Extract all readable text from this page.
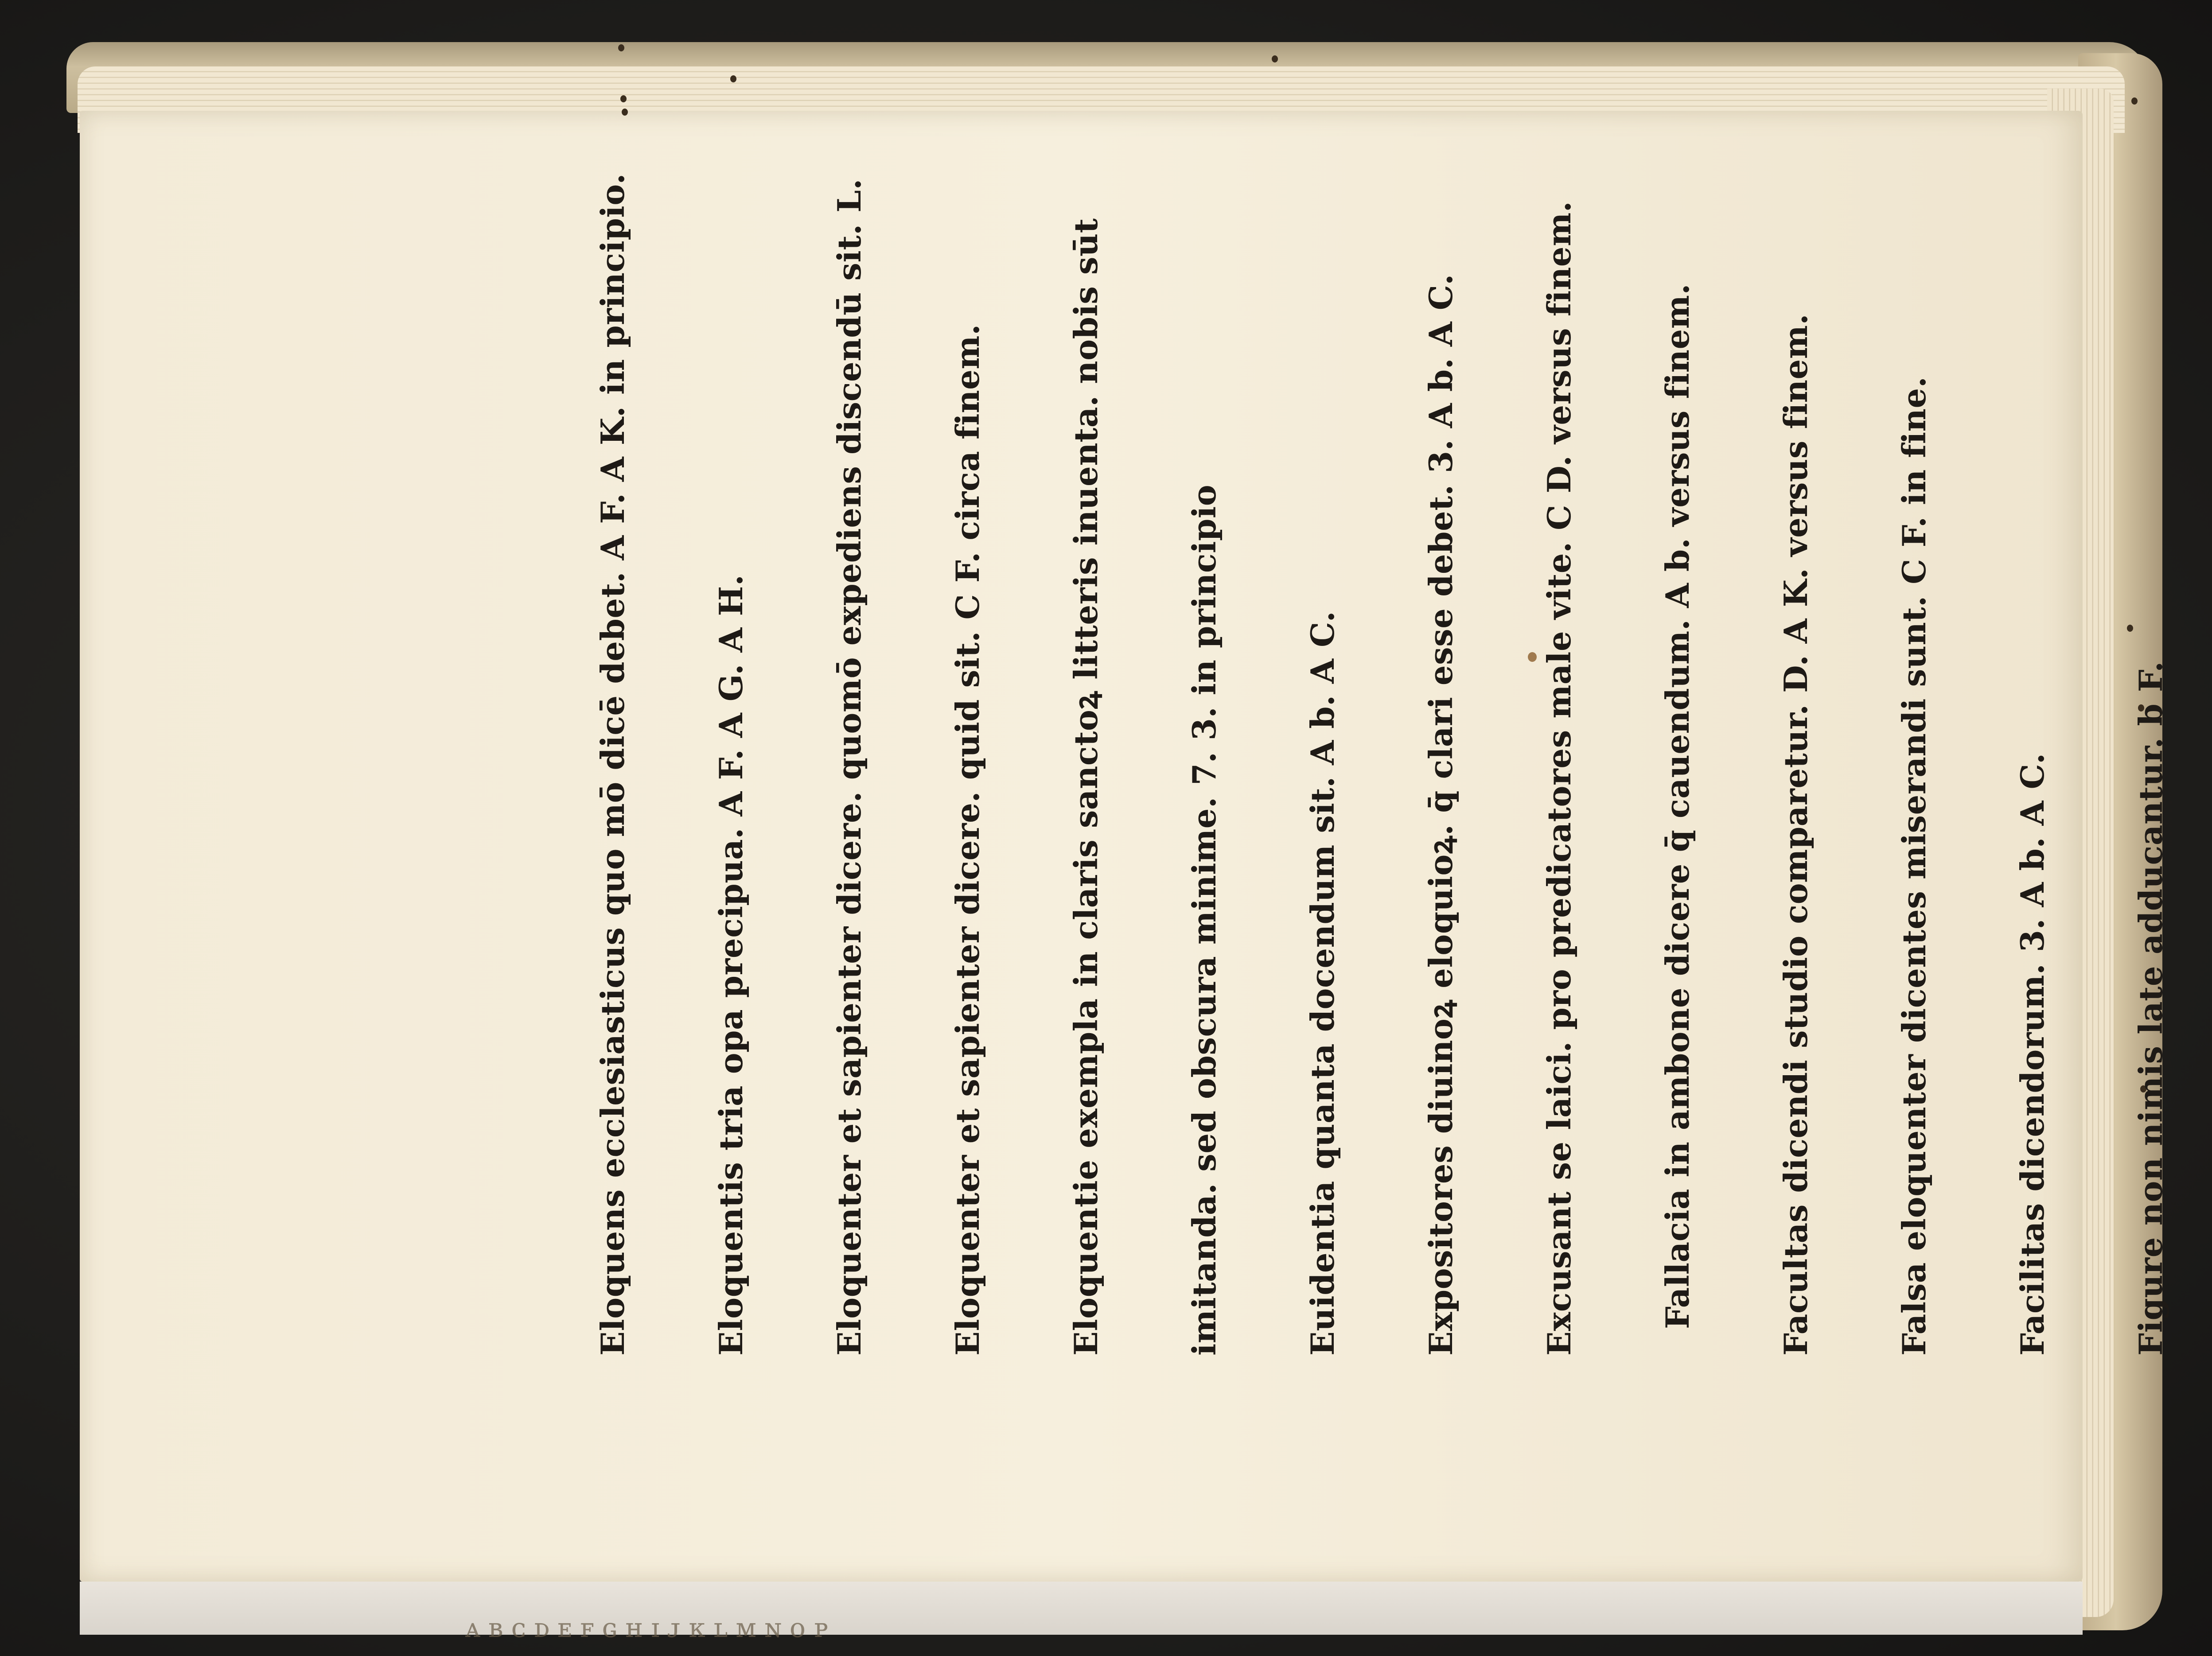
ᴀʙᴄᴅᴇꜰɢʜɪᴊᴋʟᴍɴᴏᴘ

Eloquens ecclesiasticus quo mō dicē debet. A F. A K. in principio.

	Eloquentis tria opa precipua. A F. A G. A H.

	Eloquenter et sapienter dicere. quomō expediens discendū sit. L.

	Eloquenter et sapienter dicere. quid sit. C F. circa finem.

	Eloquentie exempla in claris sanctoꝝ litteris inuenta. nobis sūt

	imitanda. sed obscura minime. 7. 3. in principio

	Euidentia quanta docendum sit. A b. A C.

	Expositores diuinoꝝ eloquioꝝ. q̄ clari esse debet. 3. A b. A C.

	Excusant se laici. pro predicatores male vite. C D. versus finem.

	Fallacia in ambone dicere q̄ cauendum. A b. versus finem.

	Facultas dicendi studio comparetur. D. A K. versus finem.

	Falsa eloquenter dicentes miserandi sunt. C F. in fine.

	Facilitas dicendorum. 3. A b. A C.

	Figure non nimis late adducantur. b F.
